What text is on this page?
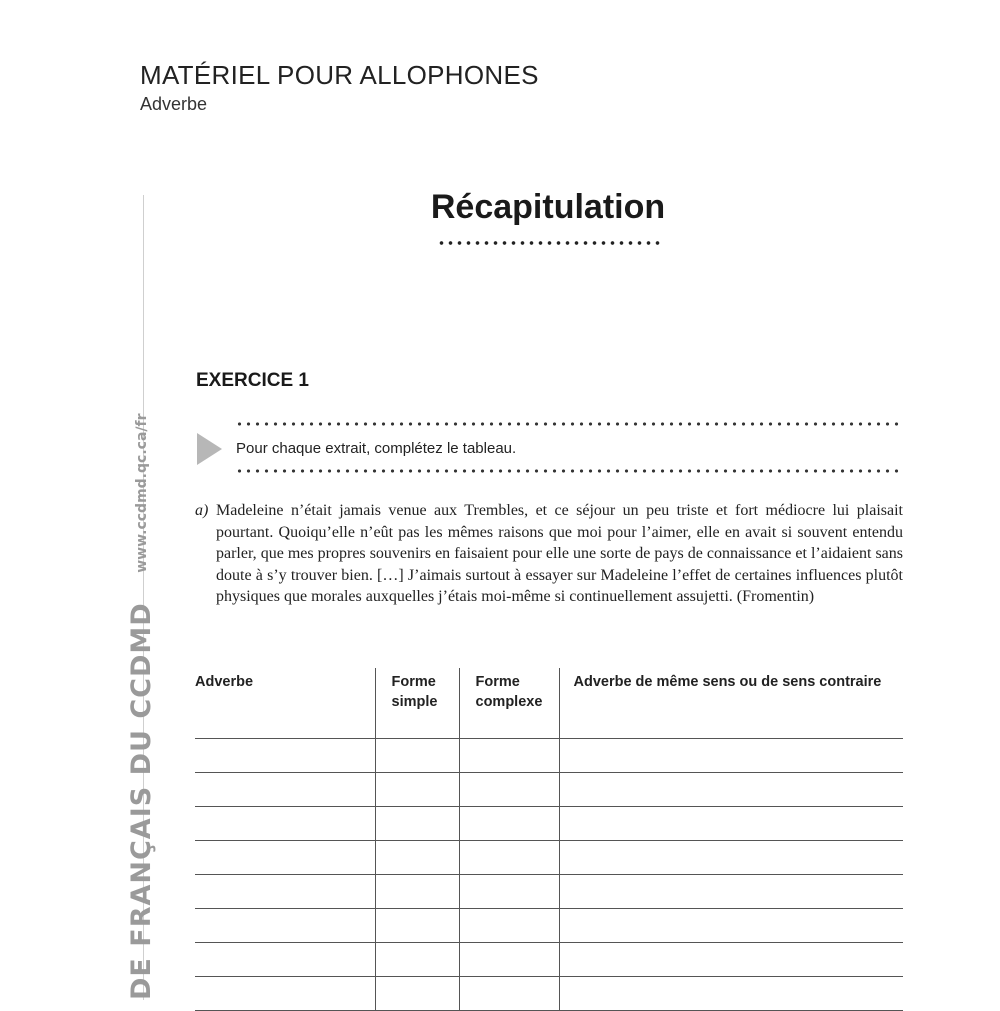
MATÉRIEL POUR ALLOPHONES
Adverbe
DE FRANÇAIS DU CCDMD www.ccdmd.qc.ca/fr
Récapitulation
EXERCICE 1
Pour chaque extrait, complétez le tableau.
a) Madeleine n’était jamais venue aux Trembles, et ce séjour un peu triste et fort médiocre lui plaisait pourtant. Quoiqu’elle n’eût pas les mêmes raisons que moi pour l’aimer, elle en avait si souvent entendu parler, que mes propres souvenirs en faisaient pour elle une sorte de pays de connaissance et l’aidaient sans doute à s’y trouver bien. […] J’aimais surtout à essayer sur Madeleine l’effet de certaines influences plutôt physiques que morales auxquelles j’étais moi-même si continuellement assujetti. (Fromentin)
Adverbe	Forme simple	Forme complexe	Adverbe de même sens ou de sens contraire
